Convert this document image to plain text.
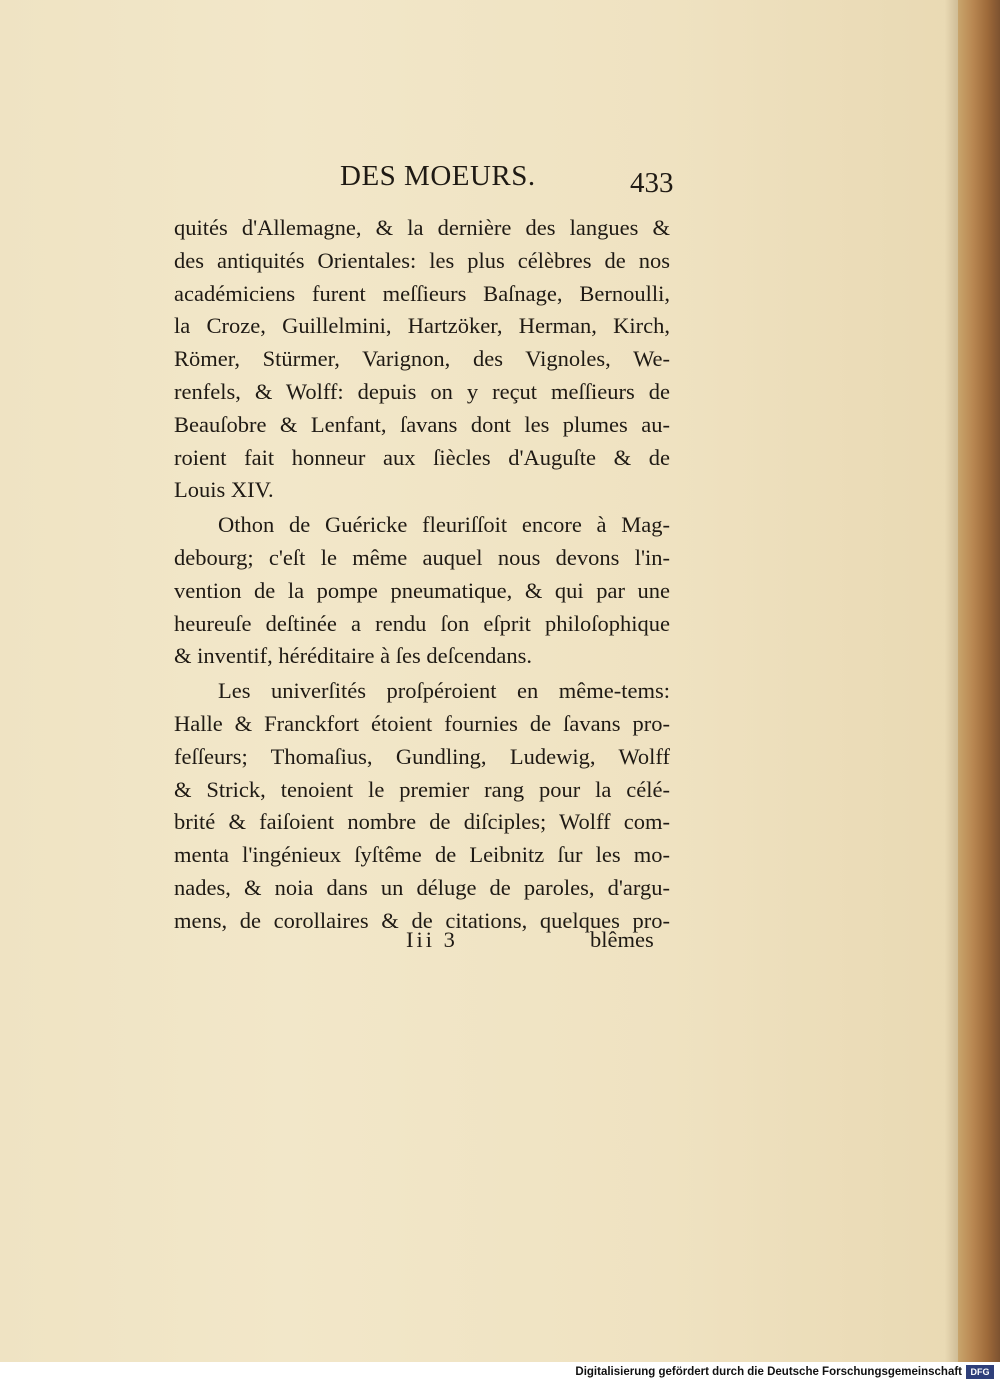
DES MOEURS.	433
quités d'Allemagne, & la dernière des langues &
des antiquités Orientales: les plus célèbres de nos
académiciens furent meſſieurs Baſnage, Bernoulli,
la Croze, Guillelmini, Hartzöker, Herman, Kirch,
Römer, Stürmer, Varignon, des Vignoles, We-
renfels, & Wolff: depuis on y reçut meſſieurs de
Beauſobre & Lenfant, ſavans dont les plumes au-
roient fait honneur aux ſiècles d'Auguſte & de
Louis XIV.
Othon de Guéricke fleuriſſoit encore à Mag-
debourg; c'eſt le même auquel nous devons l'in-
vention de la pompe pneumatique, & qui par une
heureuſe deſtinée a rendu ſon eſprit philoſophique
& inventif, héréditaire à ſes deſcendans.
Les univerſités proſpéroient en même-tems:
Halle & Franckfort étoient fournies de ſavans pro-
feſſeurs; Thomaſius, Gundling, Ludewig, Wolff
& Strick, tenoient le premier rang pour la célé-
brité & faiſoient nombre de diſciples; Wolff com-
menta l'ingénieux ſyſtême de Leibnitz ſur les mo-
nades, & noia dans un déluge de paroles, d'argu-
mens, de corollaires & de citations, quelques pro-
Iii 3	blêmes
Digitalisierung gefördert durch die Deutsche Forschungsgemeinschaft DFG
